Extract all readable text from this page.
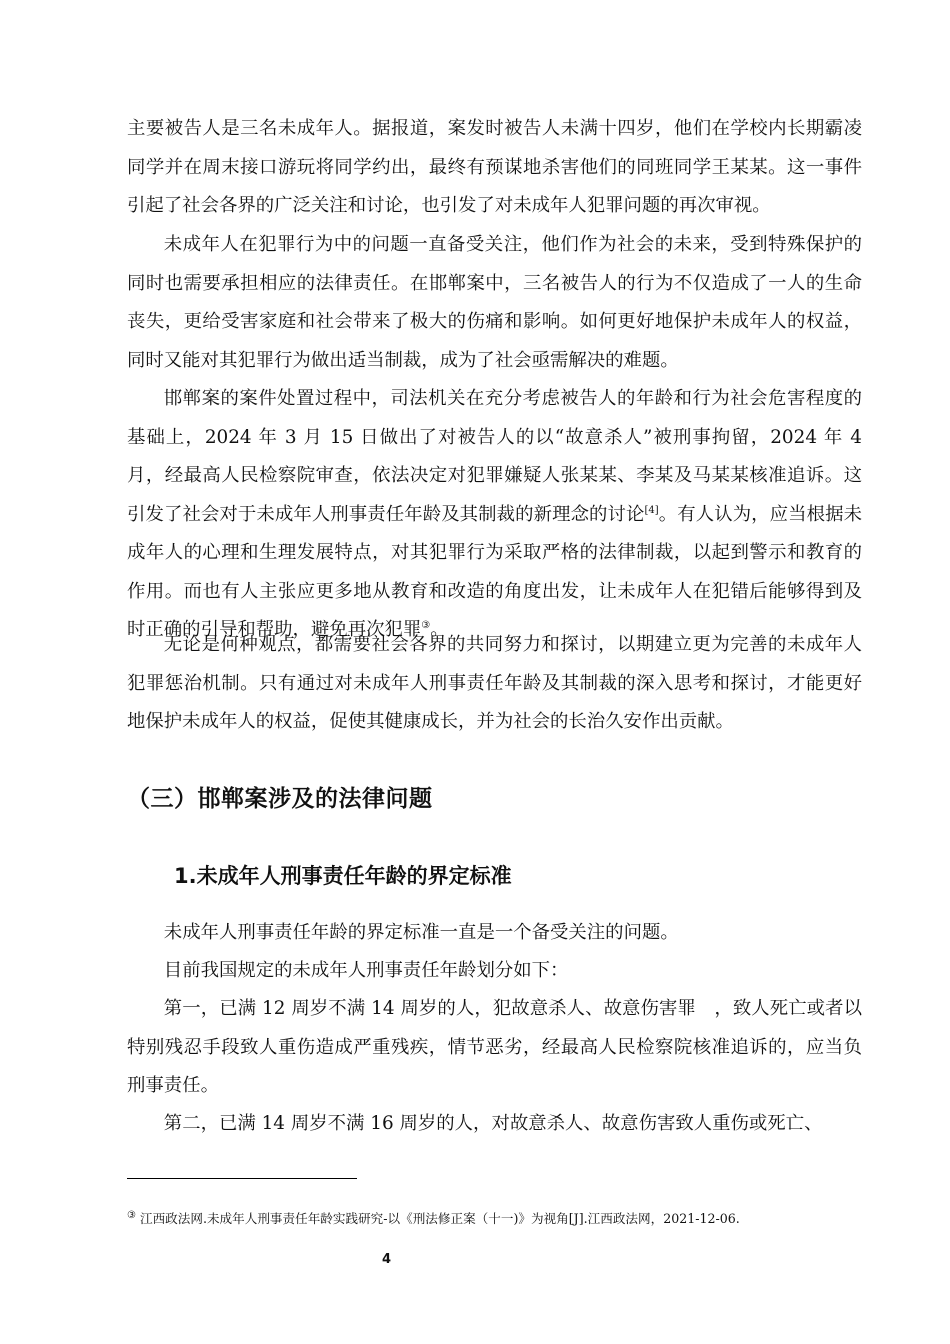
主要被告人是三名未成年人。据报道，案发时被告人未满十四岁，他们在学校内长期霸凌同学并在周末接口游玩将同学约出，最终有预谋地杀害他们的同班同学王某某。这一事件引起了社会各界的广泛关注和讨论，也引发了对未成年人犯罪问题的再次审视。

未成年人在犯罪行为中的问题一直备受关注，他们作为社会的未来，受到特殊保护的同时也需要承担相应的法律责任。在邯郸案中，三名被告人的行为不仅造成了一人的生命丧失，更给受害家庭和社会带来了极大的伤痛和影响。如何更好地保护未成年人的权益，同时又能对其犯罪行为做出适当制裁，成为了社会亟需解决的难题。

邯郸案的案件处置过程中，司法机关在充分考虑被告人的年龄和行为社会危害程度的基础上，2024 年 3 月 15 日做出了对被告人的以“故意杀人”被刑事拘留，2024 年 4 月，经最高人民检察院审查，依法决定对犯罪嫌疑人张某某、李某及马某某核准追诉。这引发了社会对于未成年人刑事责任年龄及其制裁的新理念的讨论[4]。有人认为，应当根据未成年人的心理和生理发展特点，对其犯罪行为采取严格的法律制裁，以起到警示和教育的作用。而也有人主张应更多地从教育和改造的角度出发，让未成年人在犯错后能够得到及时正确的引导和帮助，避免再次犯罪③。

无论是何种观点，都需要社会各界的共同努力和探讨，以期建立更为完善的未成年人犯罪惩治机制。只有通过对未成年人刑事责任年龄及其制裁的深入思考和探讨，才能更好地保护未成年人的权益，促使其健康成长，并为社会的长治久安作出贡献。

（三）邯郸案涉及的法律问题
1.未成年人刑事责任年龄的界定标准

未成年人刑事责任年龄的界定标准一直是一个备受关注的问题。

目前我国规定的未成年人刑事责任年龄划分如下：

第一，已满 12 周岁不满 14 周岁的人，犯故意杀人、故意伤害罪　，致人死亡或者以特别残忍手段致人重伤造成严重残疾，情节恶劣，经最高人民检察院核准追诉的，应当负刑事责任。

第二，已满 14 周岁不满 16 周岁的人，对故意杀人、故意伤害致人重伤或死亡、

③ 江西政法网.未成年人刑事责任年龄实践研究-以《刑法修正案（十一)》为视角[J].江西政法网，2021-12-06.

4
